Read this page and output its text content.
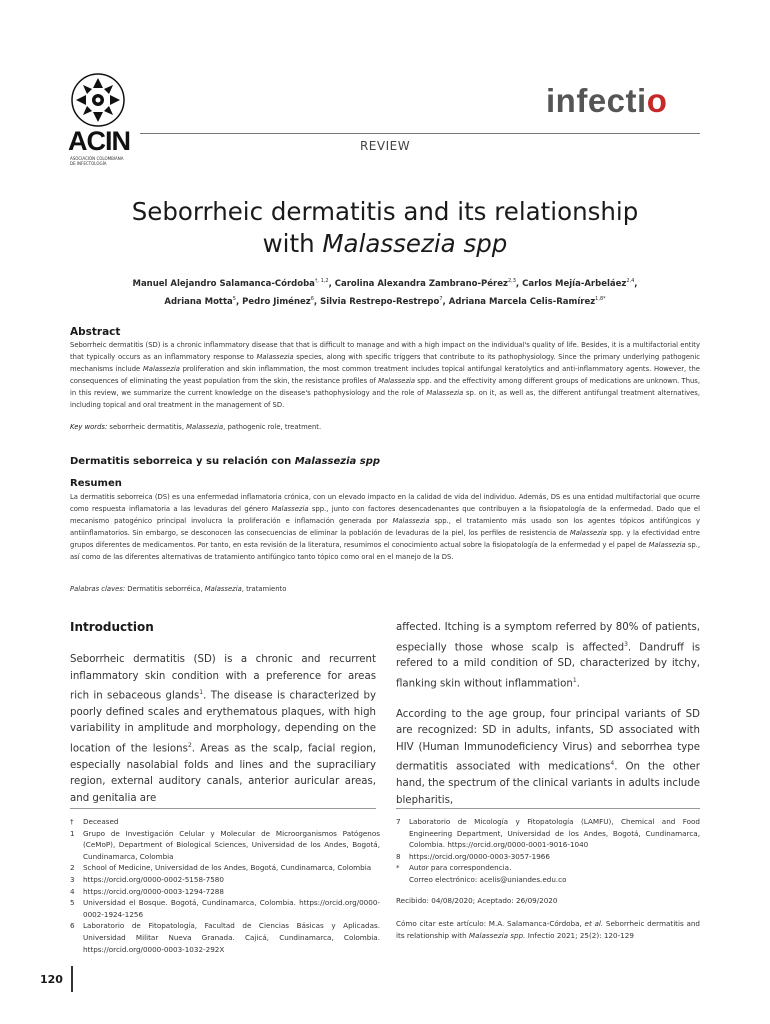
ACIN
ASOCIACIÓN COLOMBIANA DE INFECTOLOGÍA
infectio
REVIEW
Seborrheic dermatitis and its relationship
with Malassezia spp
Manuel Alejandro Salamanca-Córdoba$^{\dagger, 1,2}$, Carolina Alexandra Zambrano-Pérez$^{2,3}$, Carlos Mejía-Arbeláez$^{2,4}$,
Adriana Motta$^5$, Pedro Jiménez$^6$, Silvia Restrepo-Restrepo$^7$, Adriana Marcela Celis-Ramírez$^{1,8*}$
Abstract
Seborrheic dermatitis (SD) is a chronic inflammatory disease that that is difficult to manage and with a high impact on the individual's quality of life. Besides, it is a multifactorial entity that typically occurs as an inflammatory response to Malassezia species, along with specific triggers that contribute to its pathophysiology. Since the primary underlying pathogenic mechanisms include Malassezia proliferation and skin inflammation, the most common treatment includes topical antifungal keratolytics and anti-inflammatory agents. However, the consequences of eliminating the yeast population from the skin, the resistance profiles of Malassezia spp. and the effectivity among different groups of medications are unknown. Thus, in this review, we summarize the current knowledge on the disease's pathophysiology and the role of Malassezia sp. on it, as well as, the different antifungal treatment alternatives, including topical and oral treatment in the management of SD.
Key words: seborrheic dermatitis, Malassezia, pathogenic role, treatment.
Dermatitis seborreica y su relación con Malassezia spp
Resumen
La dermatitis seborreica (DS) es una enfermedad inflamatoria crónica, con un elevado impacto en la calidad de vida del individuo. Además, DS es una entidad multifactorial que ocurre como respuesta inflamatoria a las levaduras del género Malassezia spp., junto con factores desencadenantes que contribuyen a la fisiopatología de la enfermedad. Dado que el mecanismo patogénico principal involucra la proliferación e inflamación generada por Malassezia spp., el tratamiento más usado son los agentes tópicos antifúngicos y antiinflamatorios. Sin embargo, se desconocen las consecuencias de eliminar la población de levaduras de la piel, los perfiles de resistencia de Malassezia spp. y la efectividad entre grupos diferentes de medicamentos. Por tanto, en esta revisión de la literatura, resumimos el conocimiento actual sobre la fisiopatología de la enfermedad y el papel de Malassezia sp., así como de las diferentes alternativas de tratamiento antifúngico tanto tópico como oral en el manejo de la DS.
Palabras claves: Dermatitis seborréica, Malassezia, tratamiento
Introduction
Seborrheic dermatitis (SD) is a chronic and recurrent inflammatory skin condition with a preference for areas rich in sebaceous glands$^1$. The disease is characterized by poorly defined scales and erythematous plaques, with high variability in amplitude and morphology, depending on the location of the lesions$^2$. Areas as the scalp, facial region, especially nasolabial folds and lines and the supraciliary region, external auditory canals, anterior auricular areas, and genitalia are

affected. Itching is a symptom referred by 80% of patients, especially those whose scalp is affected$^3$. Dandruff is refered to a mild condition of SD, characterized by itchy, flanking skin without inflammation$^1$.

According to the age group, four principal variants of SD are recognized: SD in adults, infants, SD associated with HIV (Human Immunodeficiency Virus) and seborrhea type dermatitis associated with medications$^4$. On the other hand, the spectrum of the clinical variants in adults include blepharitis,

†	Deceased
1	Grupo de Investigación Celular y Molecular de Microorganismos Patógenos (CeMoP), Department of Biological Sciences, Universidad de los Andes, Bogotá, Cundinamarca, Colombia
2	School of Medicine, Universidad de los Andes, Bogotá, Cundinamarca, Colombia
3	https://orcid.org/0000-0002-5158-7580
4	https://orcid.org/0000-0003-1294-7288
5	Universidad el Bosque. Bogotá, Cundinamarca, Colombia. https://orcid.org/0000-0002-1924-1256
6	Laboratorio de Fitopatología, Facultad de Ciencias Básicas y Aplicadas. Universidad Militar Nueva Granada. Cajicá, Cundinamarca, Colombia. https://orcid.org/0000-0003-1032-292X
7	Laboratorio de Micología y Fitopatología (LAMFU), Chemical and Food Engineering Department, Universidad de los Andes, Bogotá, Cundinamarca, Colombia. https://orcid.org/0000-0001-9016-1040
8	https://orcid.org/0000-0003-3057-1966
*	Autor para correspondencia.
Correo electrónico: acelis@uniandes.edu.co
Recibido: 04/08/2020; Aceptado: 26/09/2020
Cómo citar este artículo: M.A. Salamanca-Córdoba, et al. Seborrheic dermatitis and its relationship with Malassezia spp. Infectio 2021; 25(2): 120-129
120
